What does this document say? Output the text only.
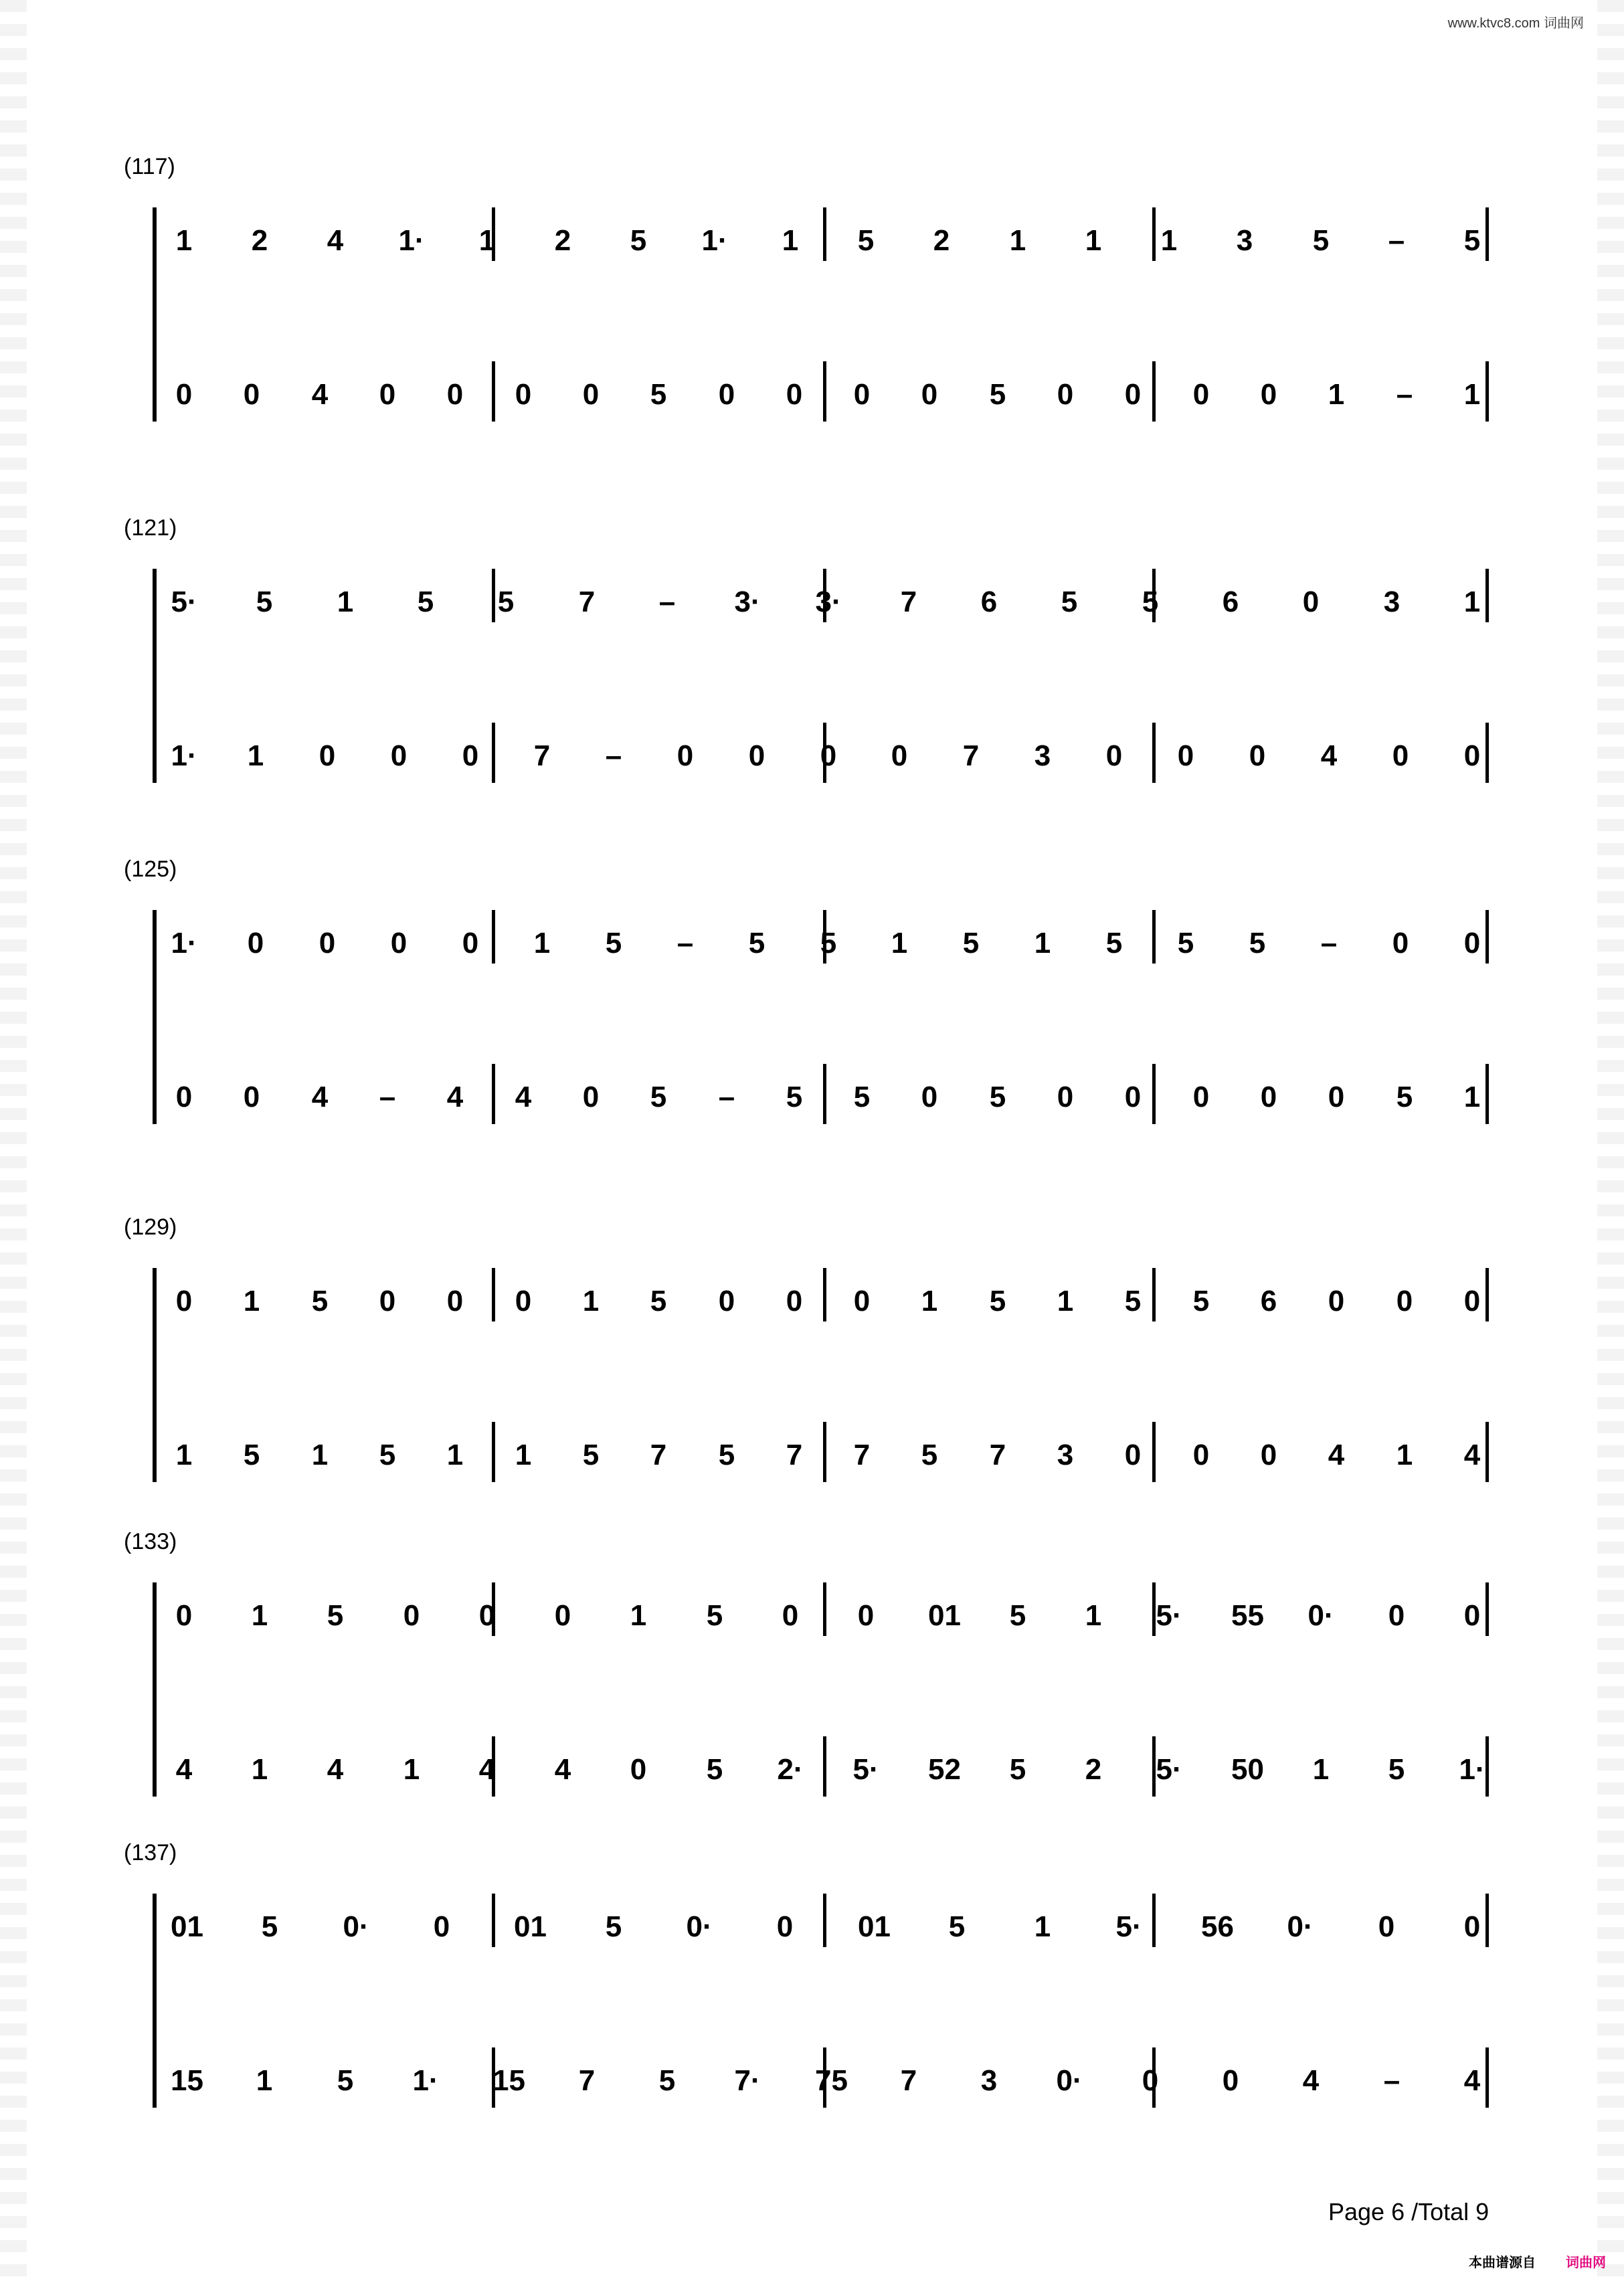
www.ktvc8.com 词曲网
(117)
1 2 4 1· 1 2 5 1· 1 5 2 1 1 1 3 5 – 5
0 0 4 0 0 0 0 5 0 0 0 0 5 0 0 0 0 1 – 1
(121)
5· 5 1 5 5 7 – 3· 3· 7 6 5 5 6 0 3 1
1· 1 0 0 0 7 – 0 0 0 0 7 3 0 0 0 4 0 0
(125)
1· 0 0 0 0 1 5 – 5 5 1 5 1 5 5 5 – 0 0
0 0 4 – 4 4 0 5 – 5 5 0 5 0 0 0 0 0 5 1
(129)
0 1 5 0 0 0 1 5 0 0 0 1 5 1 5 5 6 0 0 0
1 5 1 5 1 1 5 7 5 7 7 5 7 3 0 0 0 4 1 4
(133)
0 1 5 0 0 0 1 5 0 0 01 5 1 5· 55 0· 0 0
4 1 4 1 4 4 0 5 2· 5· 52 5 2 5· 50 1 5 1·
(137)
01 5 0· 0 01 5 0· 0 01 5 1 5· 56 0· 0 0
15 1 5 1· 15 7 5 7· 75 7 3 0· 0 0 4 – 4
Page 6 /Total 9
本曲谱源自 词曲网
